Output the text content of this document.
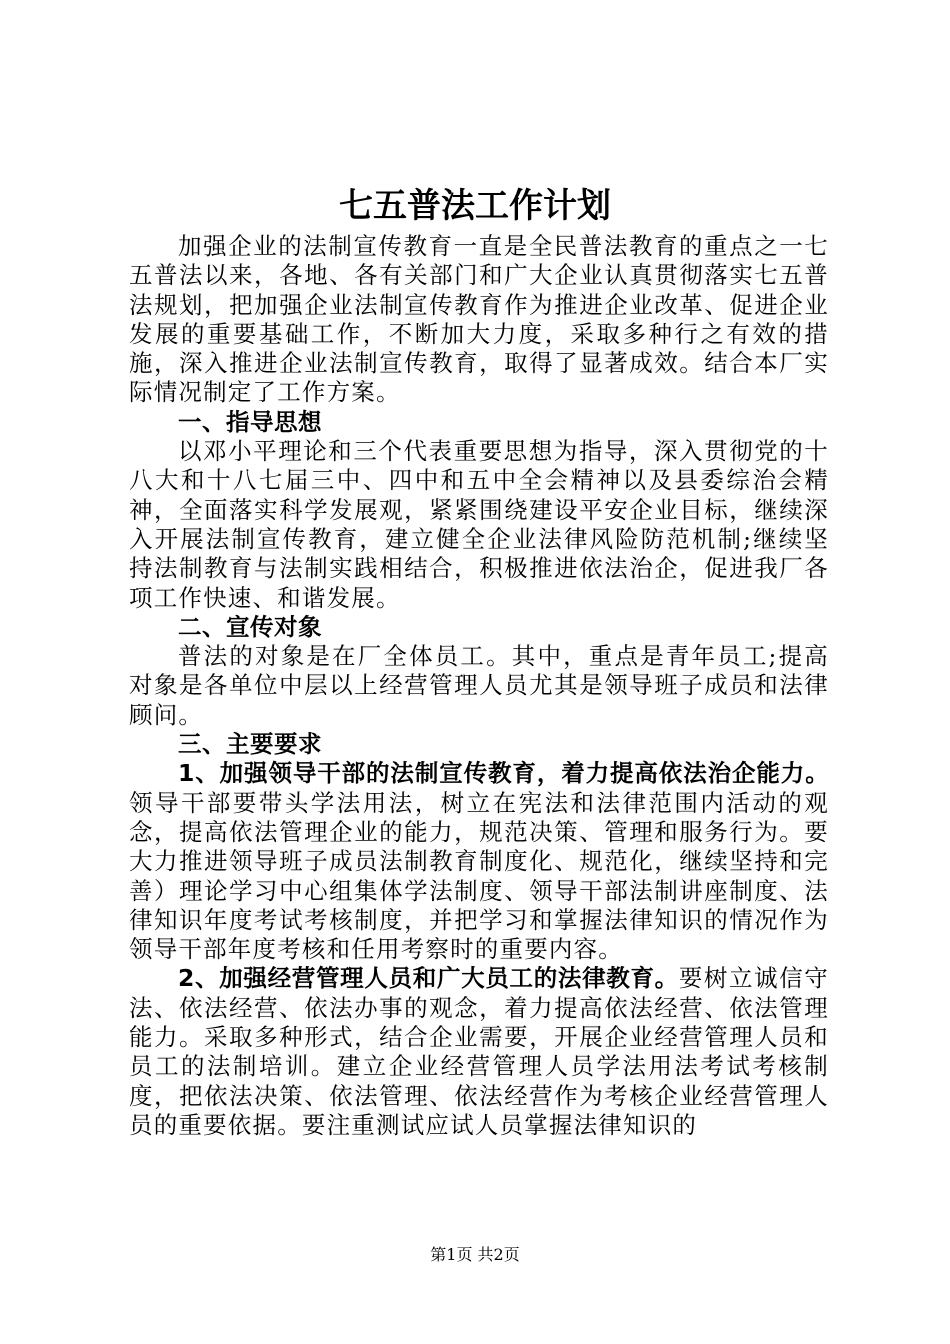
七五普法工作计划

加强企业的法制宣传教育一直是全民普法教育的重点之一七五普法以来，各地、各有关部门和广大企业认真贯彻落实七五普法规划，把加强企业法制宣传教育作为推进企业改革、促进企业发展的重要基础工作，不断加大力度，采取多种行之有效的措施，深入推进企业法制宣传教育，取得了显著成效。结合本厂实际情况制定了工作方案。

一、指导思想

以邓小平理论和三个代表重要思想为指导，深入贯彻党的十八大和十八七届三中、四中和五中全会精神以及县委综治会精神，全面落实科学发展观，紧紧围绕建设平安企业目标，继续深入开展法制宣传教育，建立健全企业法律风险防范机制;继续坚持法制教育与法制实践相结合，积极推进依法治企，促进我厂各项工作快速、和谐发展。

二、宣传对象

普法的对象是在厂全体员工。其中，重点是青年员工;提高对象是各单位中层以上经营管理人员尤其是领导班子成员和法律顾问。

三、主要要求

1、加强领导干部的法制宣传教育，着力提高依法治企能力。领导干部要带头学法用法，树立在宪法和法律范围内活动的观念，提高依法管理企业的能力，规范决策、管理和服务行为。要大力推进领导班子成员法制教育制度化、规范化，继续坚持和完善）理论学习中心组集体学法制度、领导干部法制讲座制度、法律知识年度考试考核制度，并把学习和掌握法律知识的情况作为领导干部年度考核和任用考察时的重要内容。

2、加强经营管理人员和广大员工的法律教育。要树立诚信守法、依法经营、依法办事的观念，着力提高依法经营、依法管理能力。采取多种形式，结合企业需要，开展企业经营管理人员和员工的法制培训。建立企业经营管理人员学法用法考试考核制度，把依法决策、依法管理、依法经营作为考核企业经营管理人员的重要依据。要注重测试应试人员掌握法律知识的

第1页 共2页
